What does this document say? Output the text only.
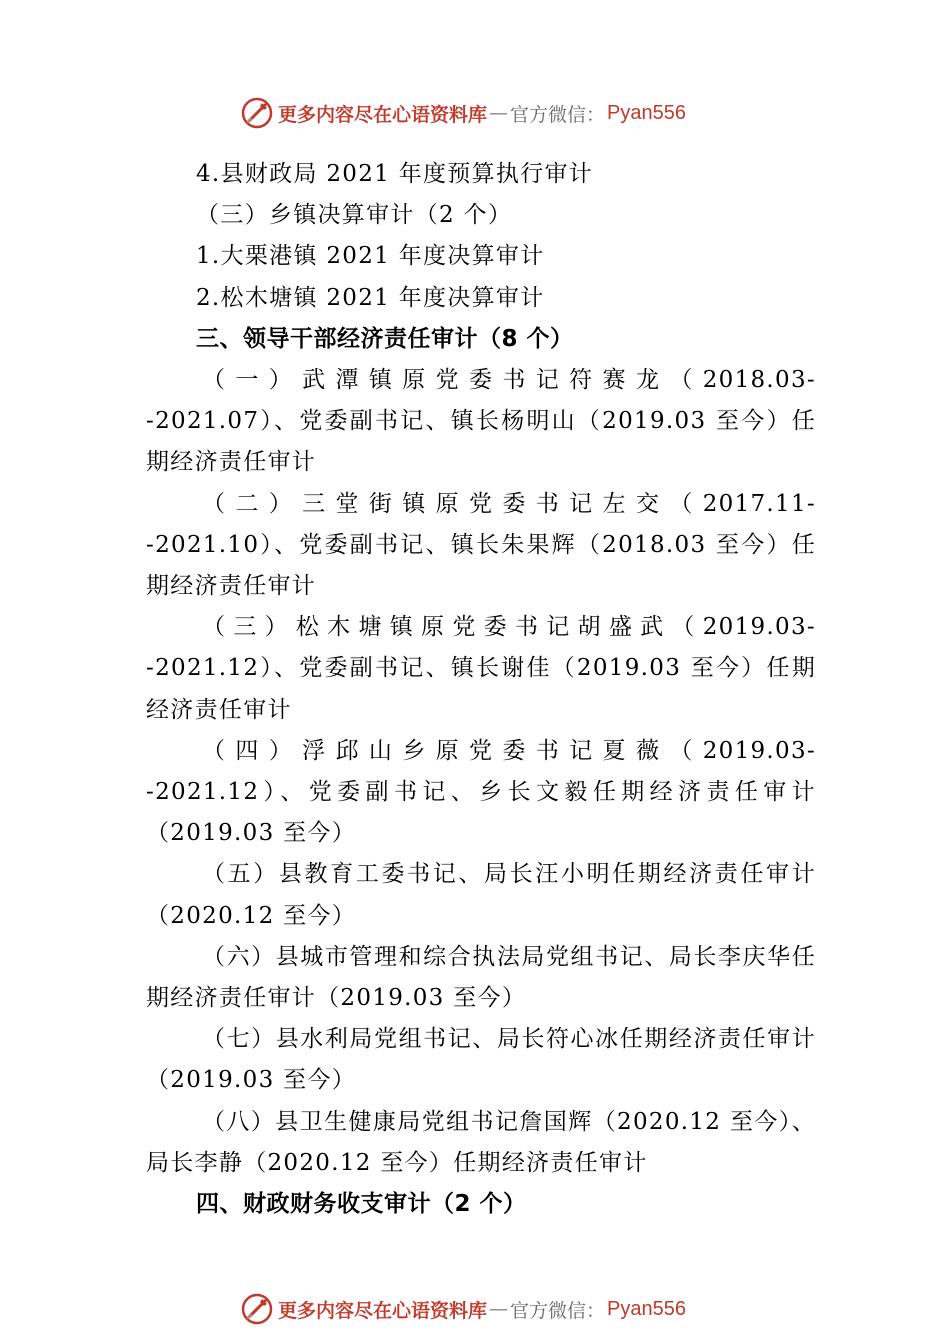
更多内容尽在心语资料库 — 官方微信： Pyan556
4.县财政局 2021 年度预算执行审计
（三）乡镇决算审计（2 个）
1.大栗港镇 2021 年度决算审计
2.松木塘镇 2021 年度决算审计
三、领导干部经济责任审计（8 个）
（一）武潭镇原党委书记符赛龙（2018.03--2021.07）、党委副书记、镇长杨明山（2019.03 至今）任期经济责任审计
（二）三堂街镇原党委书记左交（2017.11--2021.10）、党委副书记、镇长朱果辉（2018.03 至今）任期经济责任审计
（三）松木塘镇原党委书记胡盛武（2019.03--2021.12）、党委副书记、镇长谢佳（2019.03 至今）任期经济责任审计
（四）浮邱山乡原党委书记夏薇（2019.03--2021.12）、党委副书记、乡长文毅任期经济责任审计（2019.03 至今）
（五）县教育工委书记、局长汪小明任期经济责任审计（2020.12 至今）
（六）县城市管理和综合执法局党组书记、局长李庆华任期经济责任审计（2019.03 至今）
（七）县水利局党组书记、局长符心冰任期经济责任审计 （2019.03 至今）
（八）县卫生健康局党组书记詹国辉（2020.12 至今）、局长李静（2020.12 至今）任期经济责任审计
四、财政财务收支审计（2 个）
更多内容尽在心语资料库 — 官方微信： Pyan556
